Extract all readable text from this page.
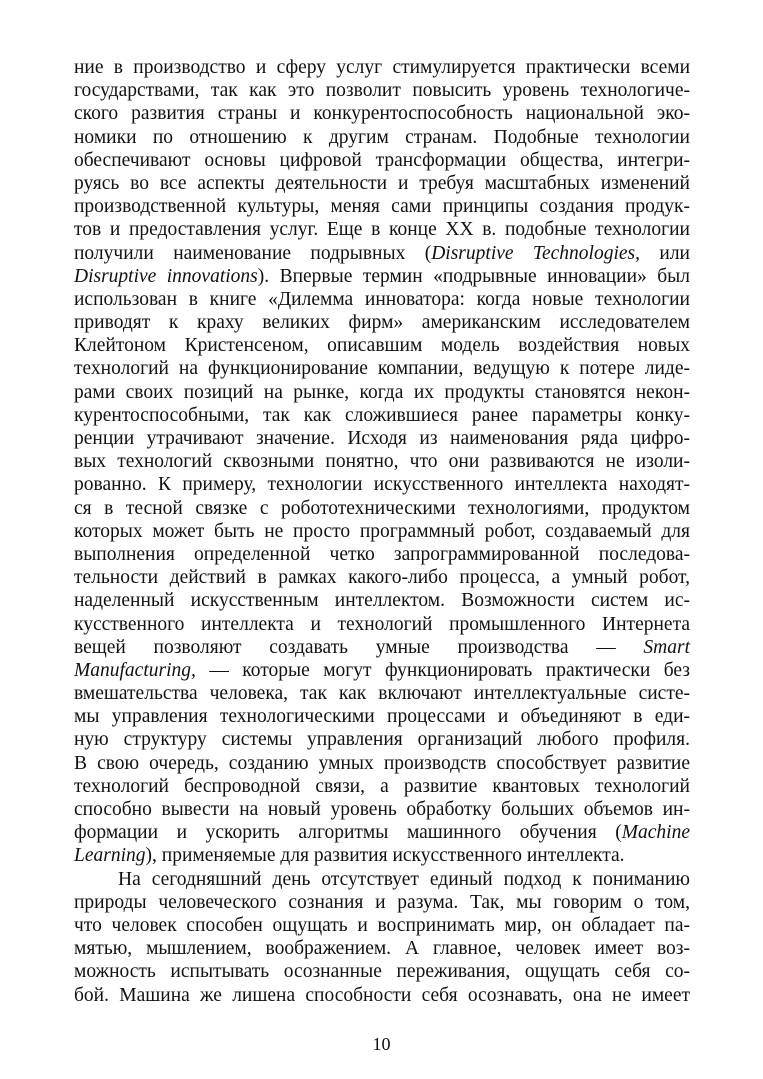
ние в производство и сферу услуг стимулируется практически всеми
государствами, так как это позволит повысить уровень технологиче-
ского развития страны и конкурентоспособность национальной эко-
номики по отношению к другим странам. Подобные технологии
обеспечивают основы цифровой трансформации общества, интегри-
руясь во все аспекты деятельности и требуя масштабных изменений
производственной культуры, меняя сами принципы создания продук-
тов и предоставления услуг. Еще в конце XX в. подобные технологии
получили наименование подрывных (Disruptive Technologies, или
Disruptive innovations). Впервые термин «подрывные инновации» был
использован в книге «Дилемма инноватора: когда новые технологии
приводят к краху великих фирм» американским исследователем
Клейтоном Кристенсеном, описавшим модель воздействия новых
технологий на функционирование компании, ведущую к потере лиде-
рами своих позиций на рынке, когда их продукты становятся некон-
курентоспособными, так как сложившиеся ранее параметры конку-
ренции утрачивают значение. Исходя из наименования ряда цифро-
вых технологий сквозными понятно, что они развиваются не изоли-
рованно. К примеру, технологии искусственного интеллекта находят-
ся в тесной связке с робототехническими технологиями, продуктом
которых может быть не просто программный робот, создаваемый для
выполнения определенной четко запрограммированной последова-
тельности действий в рамках какого-либо процесса, а умный робот,
наделенный искусственным интеллектом. Возможности систем ис-
кусственного интеллекта и технологий промышленного Интернета
вещей позволяют создавать умные производства — Smart
Manufacturing, — которые могут функционировать практически без
вмешательства человека, так как включают интеллектуальные систе-
мы управления технологическими процессами и объединяют в еди-
ную структуру системы управления организаций любого профиля.
В свою очередь, созданию умных производств способствует развитие
технологий беспроводной связи, а развитие квантовых технологий
способно вывести на новый уровень обработку больших объемов ин-
формации и ускорить алгоритмы машинного обучения (Machine
Learning), применяемые для развития искусственного интеллекта.
На сегодняшний день отсутствует единый подход к пониманию
природы человеческого сознания и разума. Так, мы говорим о том,
что человек способен ощущать и воспринимать мир, он обладает па-
мятью, мышлением, воображением. А главное, человек имеет воз-
можность испытывать осознанные переживания, ощущать себя со-
бой. Машина же лишена способности себя осознавать, она не имеет
10
